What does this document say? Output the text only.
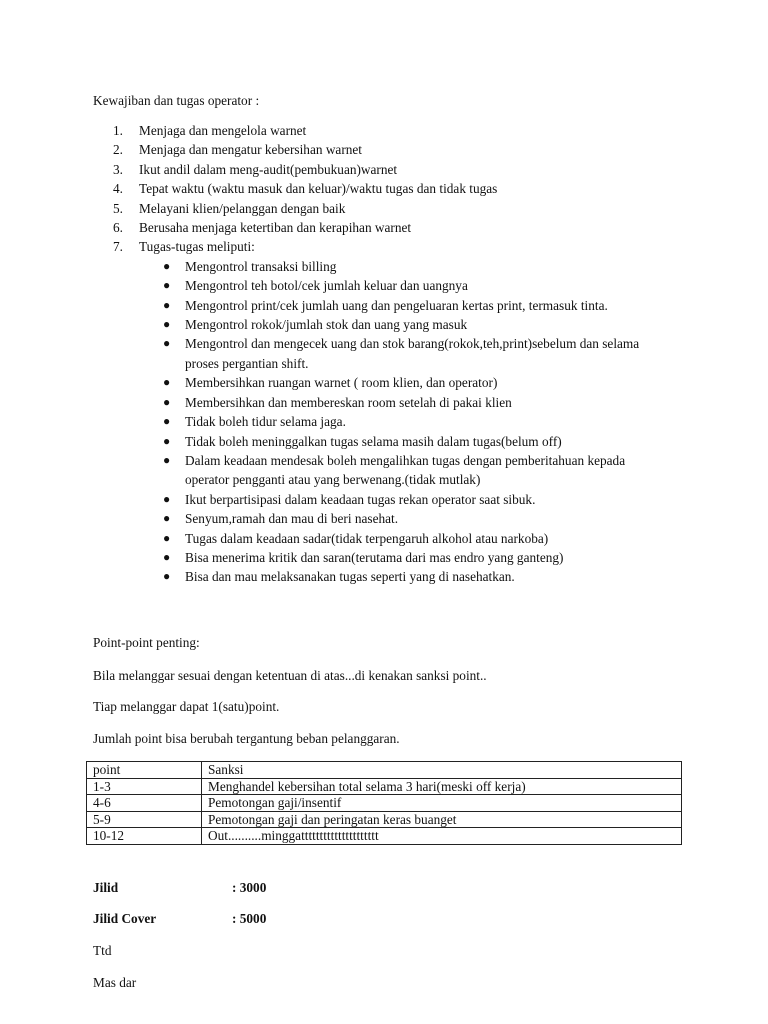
Kewajiban dan tugas operator :

1. Menjaga dan mengelola warnet
2. Menjaga dan mengatur kebersihan warnet
3. Ikut andil dalam meng-audit(pembukuan)warnet
4. Tepat waktu (waktu masuk dan keluar)/waktu tugas dan tidak tugas
5. Melayani klien/pelanggan dengan baik
6. Berusaha menjaga ketertiban dan kerapihan warnet
7. Tugas-tugas meliputi:
● Mengontrol transaksi billing
● Mengontrol teh botol/cek jumlah keluar dan uangnya
● Mengontrol print/cek jumlah uang dan pengeluaran kertas print, termasuk tinta.
● Mengontrol rokok/jumlah stok dan uang yang masuk
● Mengontrol dan mengecek uang dan stok barang(rokok,teh,print)sebelum dan selama proses pergantian shift.
● Membersihkan ruangan warnet ( room klien, dan operator)
● Membersihkan dan membereskan room setelah di pakai klien
● Tidak boleh tidur selama jaga.
● Tidak boleh meninggalkan tugas selama masih dalam tugas(belum off)
● Dalam keadaan mendesak boleh mengalihkan tugas dengan pemberitahuan kepada operator pengganti atau yang berwenang.(tidak mutlak)
● Ikut berpartisipasi dalam keadaan tugas rekan operator saat sibuk.
● Senyum,ramah dan mau di beri nasehat.
● Tugas dalam keadaan sadar(tidak terpengaruh alkohol atau narkoba)
● Bisa menerima kritik dan saran(terutama dari mas endro yang ganteng)
● Bisa dan mau melaksanakan tugas seperti yang di nasehatkan.

Point-point penting:

Bila melanggar sesuai dengan ketentuan di atas...di kenakan sanksi point..

Tiap melanggar dapat 1(satu)point.

Jumlah point bisa berubah tergantung beban pelanggaran.

point	Sanksi
1-3	Menghandel kebersihan total selama 3 hari(meski off kerja)
4-6	Pemotongan gaji/insentif
5-9	Pemotongan gaji dan peringatan keras buanget
10-12	Out..........minggattttttttttttttttttttt

Jilid	: 3000

Jilid Cover	: 5000

Ttd

Mas dar
